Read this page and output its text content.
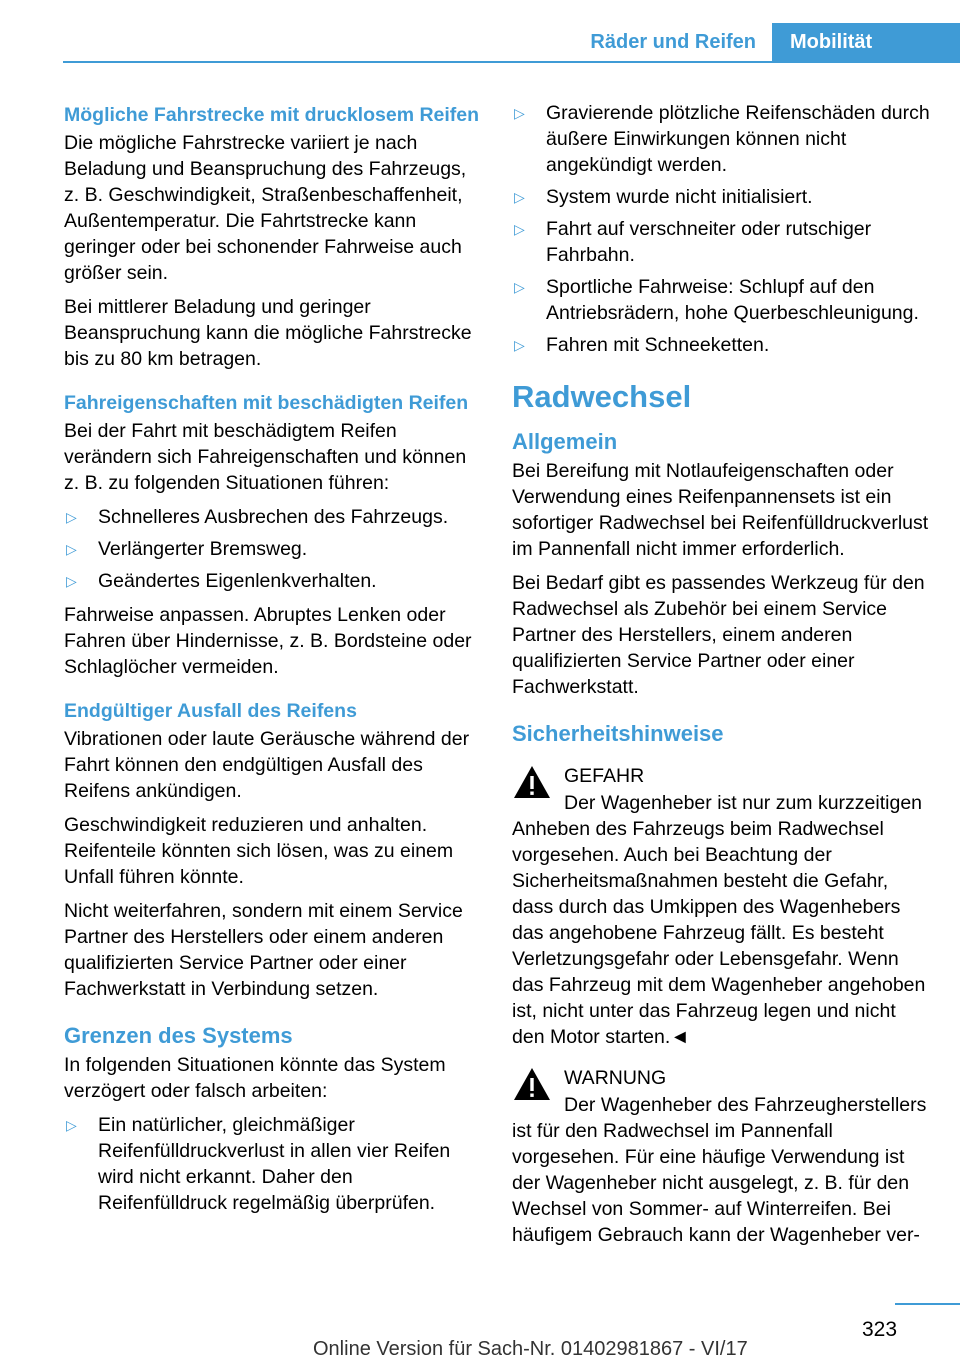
Räder und Reifen	Mobilität
Mögliche Fahrstrecke mit drucklosem Reifen

Die mögliche Fahrstrecke variiert je nach Beladung und Beanspruchung des Fahrzeugs, z. B. Geschwindigkeit, Straßenbeschaffenheit, Außentemperatur. Die Fahrtstrecke kann geringer oder bei schonender Fahrweise auch größer sein.

Bei mittlerer Beladung und geringer Beanspruchung kann die mögliche Fahrstrecke bis zu 80 km betragen.

Fahreigenschaften mit beschädigten Reifen

Bei der Fahrt mit beschädigtem Reifen verändern sich Fahreigenschaften und können z. B. zu folgenden Situationen führen:

▷ Schnelleres Ausbrechen des Fahrzeugs.
▷ Verlängerter Bremsweg.
▷ Geändertes Eigenlenkverhalten.

Fahrweise anpassen. Abruptes Lenken oder Fahren über Hindernisse, z. B. Bordsteine oder Schlaglöcher vermeiden.

Endgültiger Ausfall des Reifens

Vibrationen oder laute Geräusche während der Fahrt können den endgültigen Ausfall des Reifens ankündigen.

Geschwindigkeit reduzieren und anhalten. Reifenteile könnten sich lösen, was zu einem Unfall führen könnte.

Nicht weiterfahren, sondern mit einem Service Partner des Herstellers oder einem anderen qualifizierten Service Partner oder einer Fachwerkstatt in Verbindung setzen.

Grenzen des Systems

In folgenden Situationen könnte das System verzögert oder falsch arbeiten:

▷ Ein natürlicher, gleichmäßiger Reifenfülldruckverlust in allen vier Reifen wird nicht erkannt. Daher den Reifenfülldruck regelmäßig überprüfen.
▷ Gravierende plötzliche Reifenschäden durch äußere Einwirkungen können nicht angekündigt werden.
▷ System wurde nicht initialisiert.
▷ Fahrt auf verschneiter oder rutschiger Fahrbahn.
▷ Sportliche Fahrweise: Schlupf auf den Antriebsrädern, hohe Querbeschleunigung.
▷ Fahren mit Schneeketten.
Radwechsel
Allgemein

Bei Bereifung mit Notlaufeigenschaften oder Verwendung eines Reifenpannensets ist ein sofortiger Radwechsel bei Reifenfülldruckverlust im Pannenfall nicht immer erforderlich.

Bei Bedarf gibt es passendes Werkzeug für den Radwechsel als Zubehör bei einem Service Partner des Herstellers, einem anderen qualifizierten Service Partner oder einer Fachwerkstatt.

Sicherheitshinweise
GEFAHR
Der Wagenheber ist nur zum kurzzeitigen Anheben des Fahrzeugs beim Radwechsel vorgesehen. Auch bei Beachtung der Sicherheitsmaßnahmen besteht die Gefahr, dass durch das Umkippen des Wagenhebers das angehobene Fahrzeug fällt. Es besteht Verletzungsgefahr oder Lebensgefahr. Wenn das Fahrzeug mit dem Wagenheber angehoben ist, nicht unter das Fahrzeug legen und nicht den Motor starten.◄
WARNUNG
Der Wagenheber des Fahrzeugherstellers ist für den Radwechsel im Pannenfall vorgesehen. Für eine häufige Verwendung ist der Wagenheber nicht ausgelegt, z. B. für den Wechsel von Sommer- auf Winterreifen. Bei häufigem Gebrauch kann der Wagenheber ver-
323
Online Version für Sach-Nr. 01402981867 - VI/17
